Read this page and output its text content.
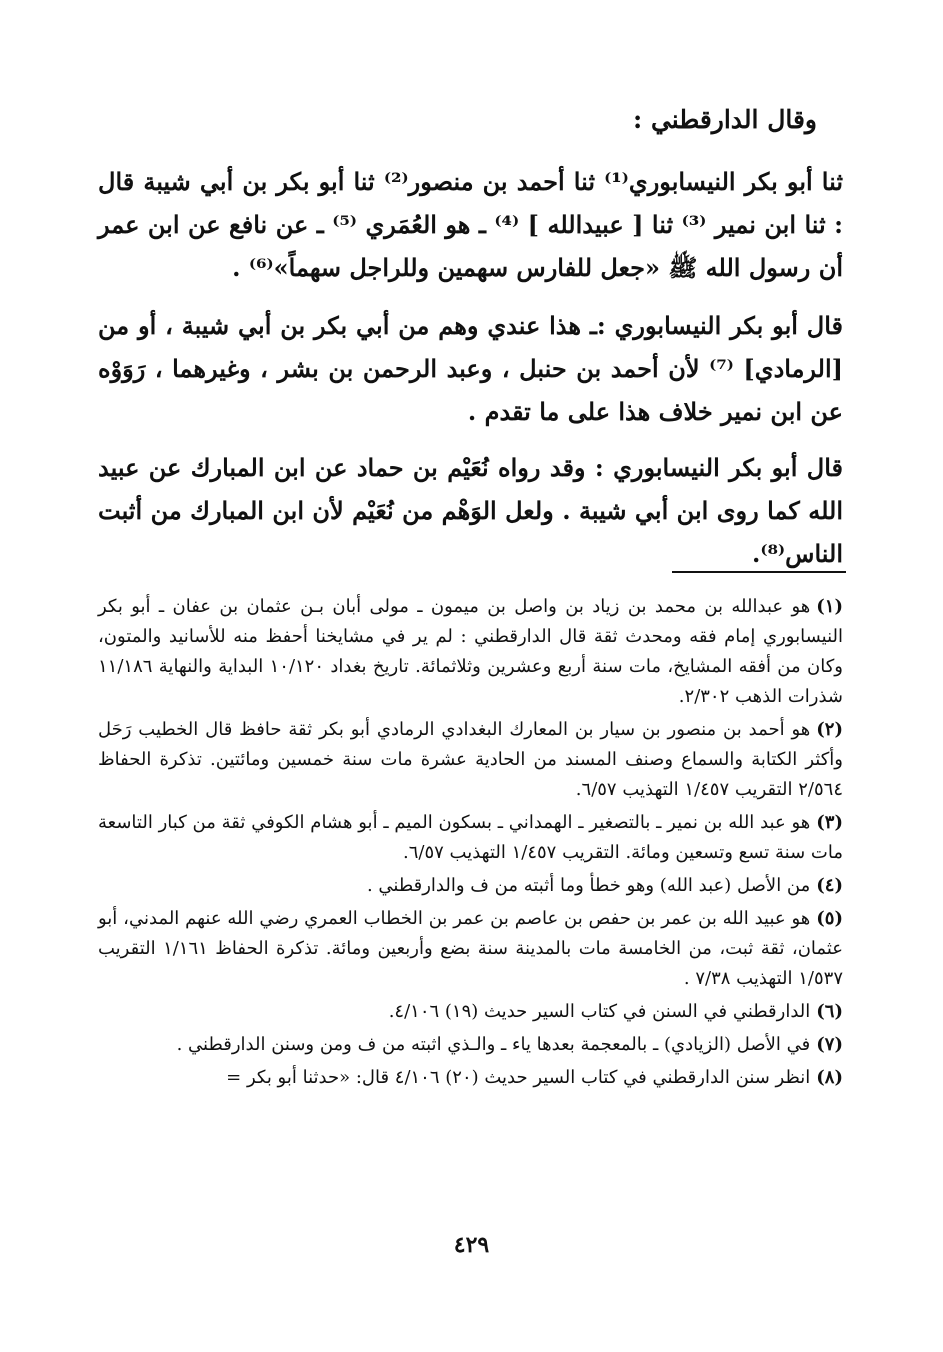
وقال الدارقطني :
ثنا أبو بكر النيسابوري⁽¹⁾ ثنا أحمد بن منصور⁽²⁾ ثنا أبو بكر بن أبي شيبة قال : ثنا ابن نمير ⁽³⁾ ثنا [ عبيدالله ] ⁽⁴⁾ ـ هو العُمَري ⁽⁵⁾ ـ عن نافع عن ابن عمر أن رسول الله ﷺ «جعل للفارس سهمين وللراجل سهماً»⁽⁶⁾ .
قال أبو بكر النيسابوري :ـ هذا عندي وهم من أبي بكر بن أبي شيبة ، أو من [الرمادي] ⁽⁷⁾ لأن أحمد بن حنبل ، وعبد الرحمن بن بشر ، وغيرهما ، رَوَوْه عن ابن نمير خلاف هذا على ما تقدم .
قال أبو بكر النيسابوري : وقد رواه نُعَيْم بن حماد عن ابن المبارك عن عبيد الله كما روى ابن أبي شيبة . ولعل الوَهْم من نُعَيْم لأن ابن المبارك من أثبت الناس⁽⁸⁾.
(١)هو عبدالله بن محمد بن زياد بن واصل بن ميمون ـ مولى أبان بـن عثمان بن عفان ـ أبو بكر النيسابوري إمام فقه ومحدث ثقة قال الدارقطني : لم ير في مشايخنا أحفظ منه للأسانيد والمتون، وكان من أفقه المشايخ، مات سنة أربع وعشرين وثلاثمائة. تاريخ بغداد ١٠/١٢٠ البداية والنهاية ١١/١٨٦ شذرات الذهب ٢/٣٠٢.
(٢)هو أحمد بن منصور بن سيار بن المعارك البغدادي الرمادي أبو بكر ثقة حافظ قال الخطيب رَحَل وأكثر الكتابة والسماع وصنف المسند من الحادية عشرة مات سنة خمسين ومائتين. تذكرة الحفاظ ٢/٥٦٤ التقريب ١/٤٥٧ التهذيب ٦/٥٧.
(٣)هو عبد الله بن نمير ـ بالتصغير ـ الهمداني ـ بسكون الميم ـ أبو هشام الكوفي ثقة من كبار التاسعة مات سنة تسع وتسعين ومائة. التقريب ١/٤٥٧ التهذيب ٦/٥٧.
(٤)من الأصل (عبد الله) وهو خطأ وما أثبته من ف والدارقطني .
(٥)هو عبيد الله بن عمر بن حفص بن عاصم بن عمر بن الخطاب العمري رضي الله عنهم المدني، أبو عثمان، ثقة ثبت، من الخامسة مات بالمدينة سنة بضع وأربعين ومائة. تذكرة الحفاظ ١/١٦١ التقريب ١/٥٣٧ التهذيب ٧/٣٨ .
(٦)الدارقطني في السنن في كتاب السير حديث (١٩) ٤/١٠٦.
(٧)في الأصل (الزيادي) ـ بالمعجمة بعدها ياء ـ والـذي اثبته من ف ومن وسنن الدارقطني .
(٨)انظر سنن الدارقطني في كتاب السير حديث (٢٠) ٤/١٠٦ قال: «حدثنا أبو بكر =
٤٢٩
